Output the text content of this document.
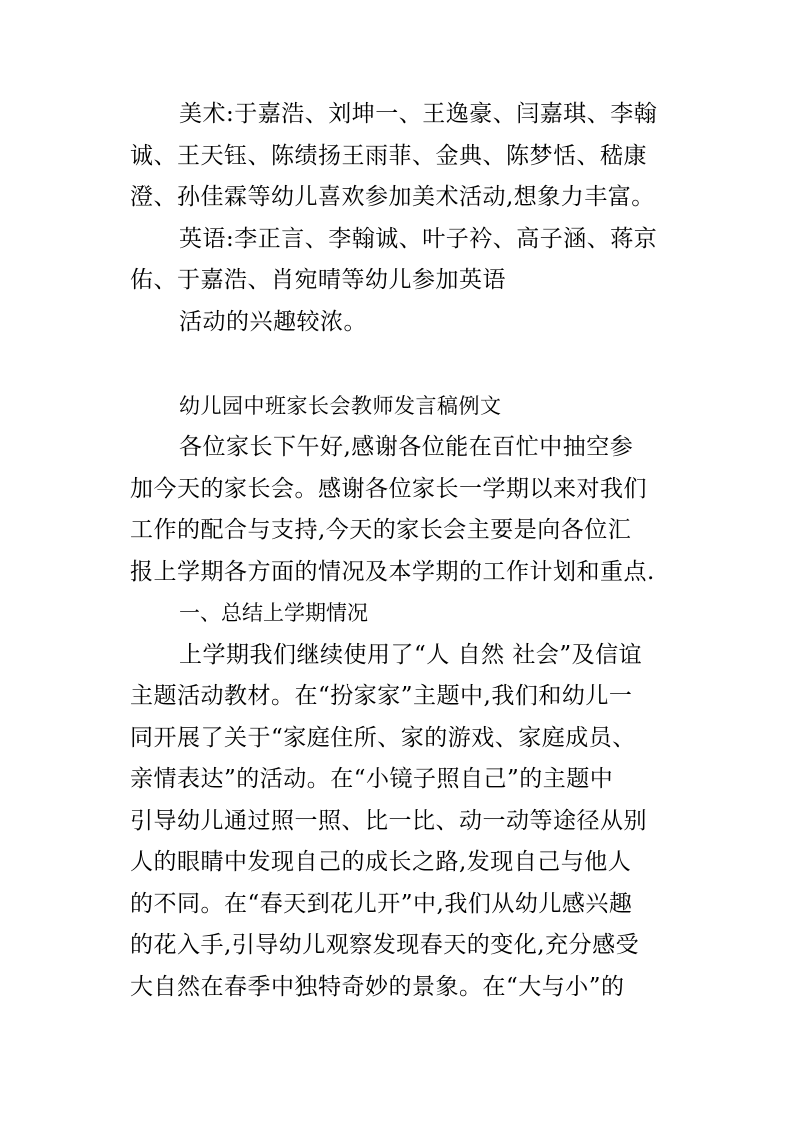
美术:于嘉浩、刘坤一、王逸豪、闫嘉琪、李翰
诚、王天钰、陈绩扬王雨菲、金典、陈梦恬、嵇康
澄、孙佳霖等幼儿喜欢参加美术活动,想象力丰富。
英语:李正言、李翰诚、叶子衿、高子涵、蒋京
佑、于嘉浩、肖宛晴等幼儿参加英语
活动的兴趣较浓。
幼儿园中班家长会教师发言稿例文
各位家长下午好,感谢各位能在百忙中抽空参
加今天的家长会。感谢各位家长一学期以来对我们
工作的配合与支持,今天的家长会主要是向各位汇
报上学期各方面的情况及本学期的工作计划和重点.
一、总结上学期情况
上学期我们继续使用了“人 自然 社会”及信谊
主题活动教材。在“扮家家”主题中,我们和幼儿一
同开展了关于“家庭住所、家的游戏、家庭成员、
亲情表达”的活动。在“小镜子照自己”的主题中
引导幼儿通过照一照、比一比、动一动等途径从别
人的眼睛中发现自己的成长之路,发现自己与他人
的不同。在“春天到花儿开”中,我们从幼儿感兴趣
的花入手,引导幼儿观察发现春天的变化,充分感受
大自然在春季中独特奇妙的景象。在“大与小”的
